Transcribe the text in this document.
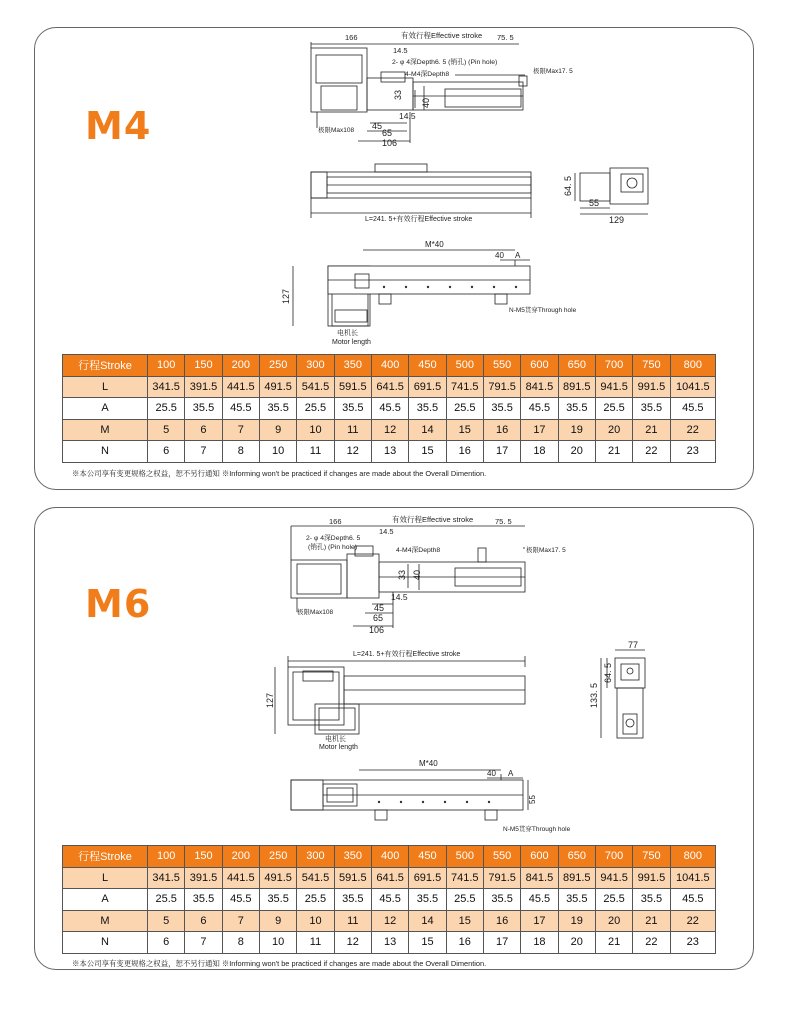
M4
166	有效行程Effective stroke 75. 5
14.5
2- φ 4深Depth6. 5 (销孔) (Pin hole)
4-M4深Depth8	极限Max17. 5
33
40
14.5
45
65
106
极限Max108
L=241. 5+有效行程Effective stroke
64. 5
55
129
M*40
40 A
127
N-M5贯穿Through hole
电机长
Motor length
行程Stroke	100	150	200	250	300	350	400	450	500	550	600	650	700	750	800
L	341.5	391.5	441.5	491.5	541.5	591.5	641.5	691.5	741.5	791.5	841.5	891.5	941.5	991.5	1041.5
A	25.5	35.5	45.5	35.5	25.5	35.5	45.5	35.5	25.5	35.5	45.5	35.5	25.5	35.5	45.5
M	5	6	7	9	10	11	12	14	15	16	17	19	20	21	22
N	6	7	8	10	11	12	13	15	16	17	18	20	21	22	23
※本公司享有变更规格之权益，恕不另行通知 ※Informing won't be practiced if changes are made about the Overall Dimention.
M6
166	有效行程Effective stroke	75. 5
14.5
2- φ 4深Depth6. 5
(销孔) (Pin hole)	4-M4深Depth8	极限Max17. 5
33 40
14.5
45
65
106
极限Max108
L=241. 5+有效行程Effective stroke
127
电机长
Motor length
77
64. 5
133. 5
M*40
40 A
55
N-M5贯穿Through hole
行程Stroke	100	150	200	250	300	350	400	450	500	550	600	650	700	750	800
L	341.5	391.5	441.5	491.5	541.5	591.5	641.5	691.5	741.5	791.5	841.5	891.5	941.5	991.5	1041.5
A	25.5	35.5	45.5	35.5	25.5	35.5	45.5	35.5	25.5	35.5	45.5	35.5	25.5	35.5	45.5
M	5	6	7	9	10	11	12	14	15	16	17	19	20	21	22
N	6	7	8	10	11	12	13	15	16	17	18	20	21	22	23
※本公司享有变更规格之权益，恕不另行通知 ※Informing won't be practiced if changes are made about the Overall Dimention.
